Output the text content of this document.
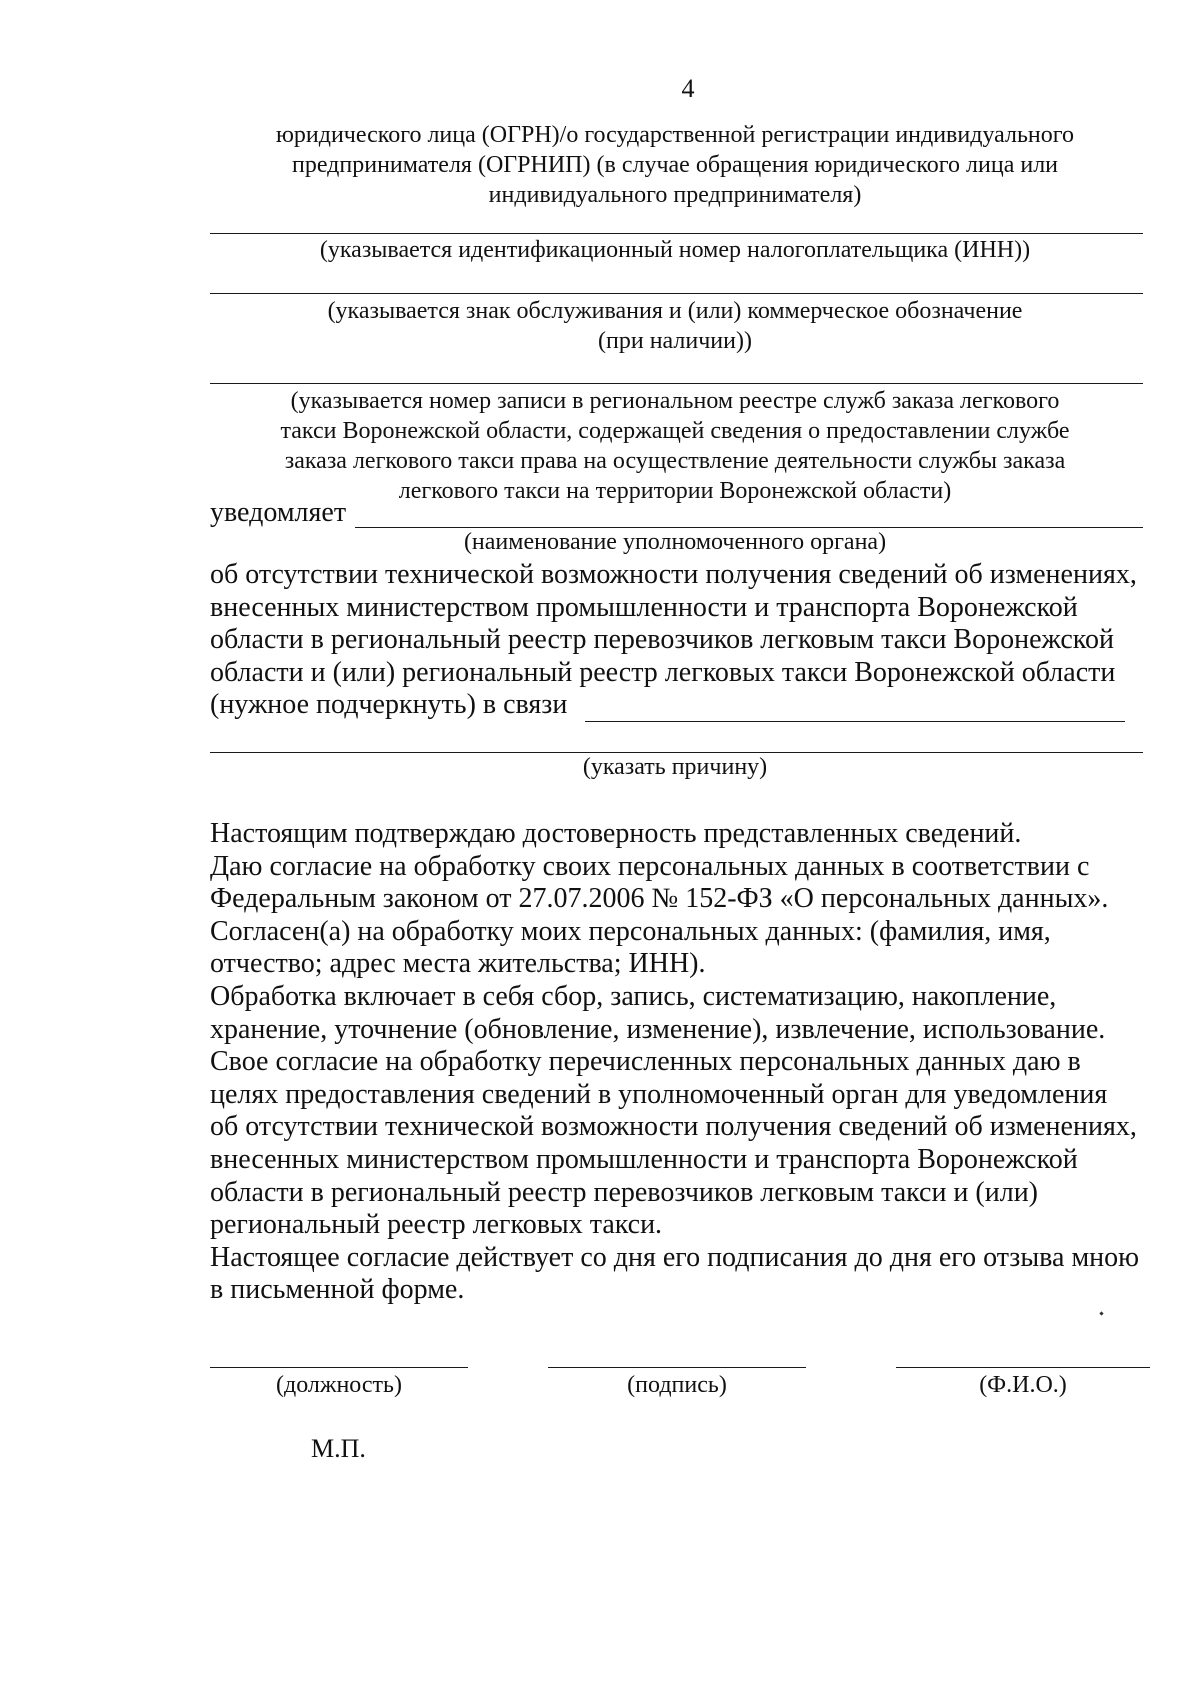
4
юридического лица (ОГРН)/о государственной регистрации индивидуального
предпринимателя (ОГРНИП) (в случае обращения юридического лица или
индивидуального предпринимателя)
(указывается идентификационный номер налогоплательщика (ИНН))
(указывается знак обслуживания и (или) коммерческое обозначение
(при наличии))
(указывается номер записи в региональном реестре служб заказа легкового
такси Воронежской области, содержащей сведения о предоставлении службе
заказа легкового такси права на осуществление деятельности службы заказа
легкового такси на территории Воронежской области)
уведомляет
(наименование уполномоченного органа)
об отсутствии технической возможности получения сведений об изменениях,
внесенных министерством промышленности и транспорта Воронежской
области в региональный реестр перевозчиков легковым такси Воронежской
области и (или) региональный реестр легковых такси Воронежской области
(нужное подчеркнуть) в связи
(указать причину)
Настоящим подтверждаю достоверность представленных сведений.
Даю согласие на обработку своих персональных данных в соответствии с
Федеральным законом от 27.07.2006 № 152-ФЗ «О персональных данных».
Согласен(а) на обработку моих персональных данных: (фамилия, имя,
отчество; адрес места жительства; ИНН).
Обработка включает в себя сбор, запись, систематизацию, накопление,
хранение, уточнение (обновление, изменение), извлечение, использование.
Свое согласие на обработку перечисленных персональных данных даю в
целях предоставления сведений в уполномоченный орган для уведомления
об отсутствии технической возможности получения сведений об изменениях,
внесенных министерством промышленности и транспорта Воронежской
области в региональный реестр перевозчиков легковым такси и (или)
региональный реестр легковых такси.
Настоящее согласие действует со дня его подписания до дня его отзыва мною
в письменной форме.
(должность)	(подпись)	(Ф.И.О.)
М.П.
